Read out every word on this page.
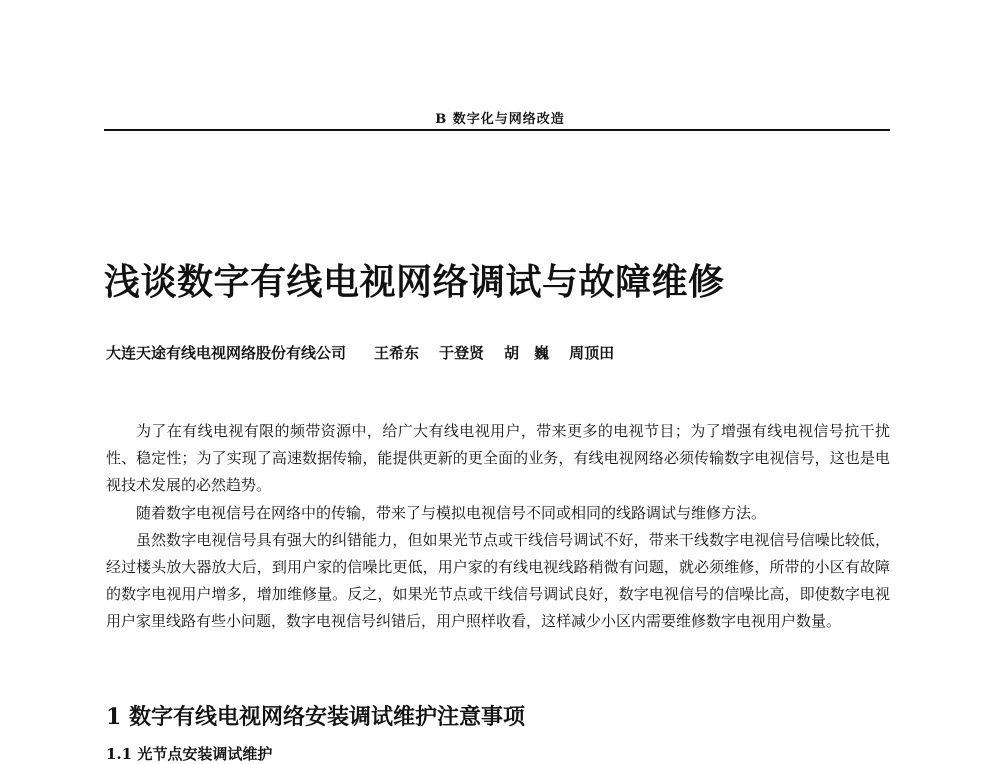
B 数字化与网络改造
浅谈数字有线电视网络调试与故障维修
大连天途有线电视网络股份有线公司 王希东 于登贤 胡　巍 周顶田

为了在有线电视有限的频带资源中，给广大有线电视用户，带来更多的电视节目；为了增强有线电视信号抗干扰性、稳定性；为了实现了高速数据传输，能提供更新的更全面的业务，有线电视网络必须传输数字电视信号，这也是电视技术发展的必然趋势。

随着数字电视信号在网络中的传输，带来了与模拟电视信号不同或相同的线路调试与维修方法。

虽然数字电视信号具有强大的纠错能力，但如果光节点或干线信号调试不好，带来干线数字电视信号信噪比较低，经过楼头放大器放大后，到用户家的信噪比更低，用户家的有线电视线路稍微有问题，就必须维修，所带的小区有故障的数字电视用户增多，增加维修量。反之，如果光节点或干线信号调试良好，数字电视信号的信噪比高，即使数字电视用户家里线路有些小问题，数字电视信号纠错后，用户照样收看，这样减少小区内需要维修数字电视用户数量。

1 数字有线电视网络安装调试维护注意事项
1.1 光节点安装调试维护
